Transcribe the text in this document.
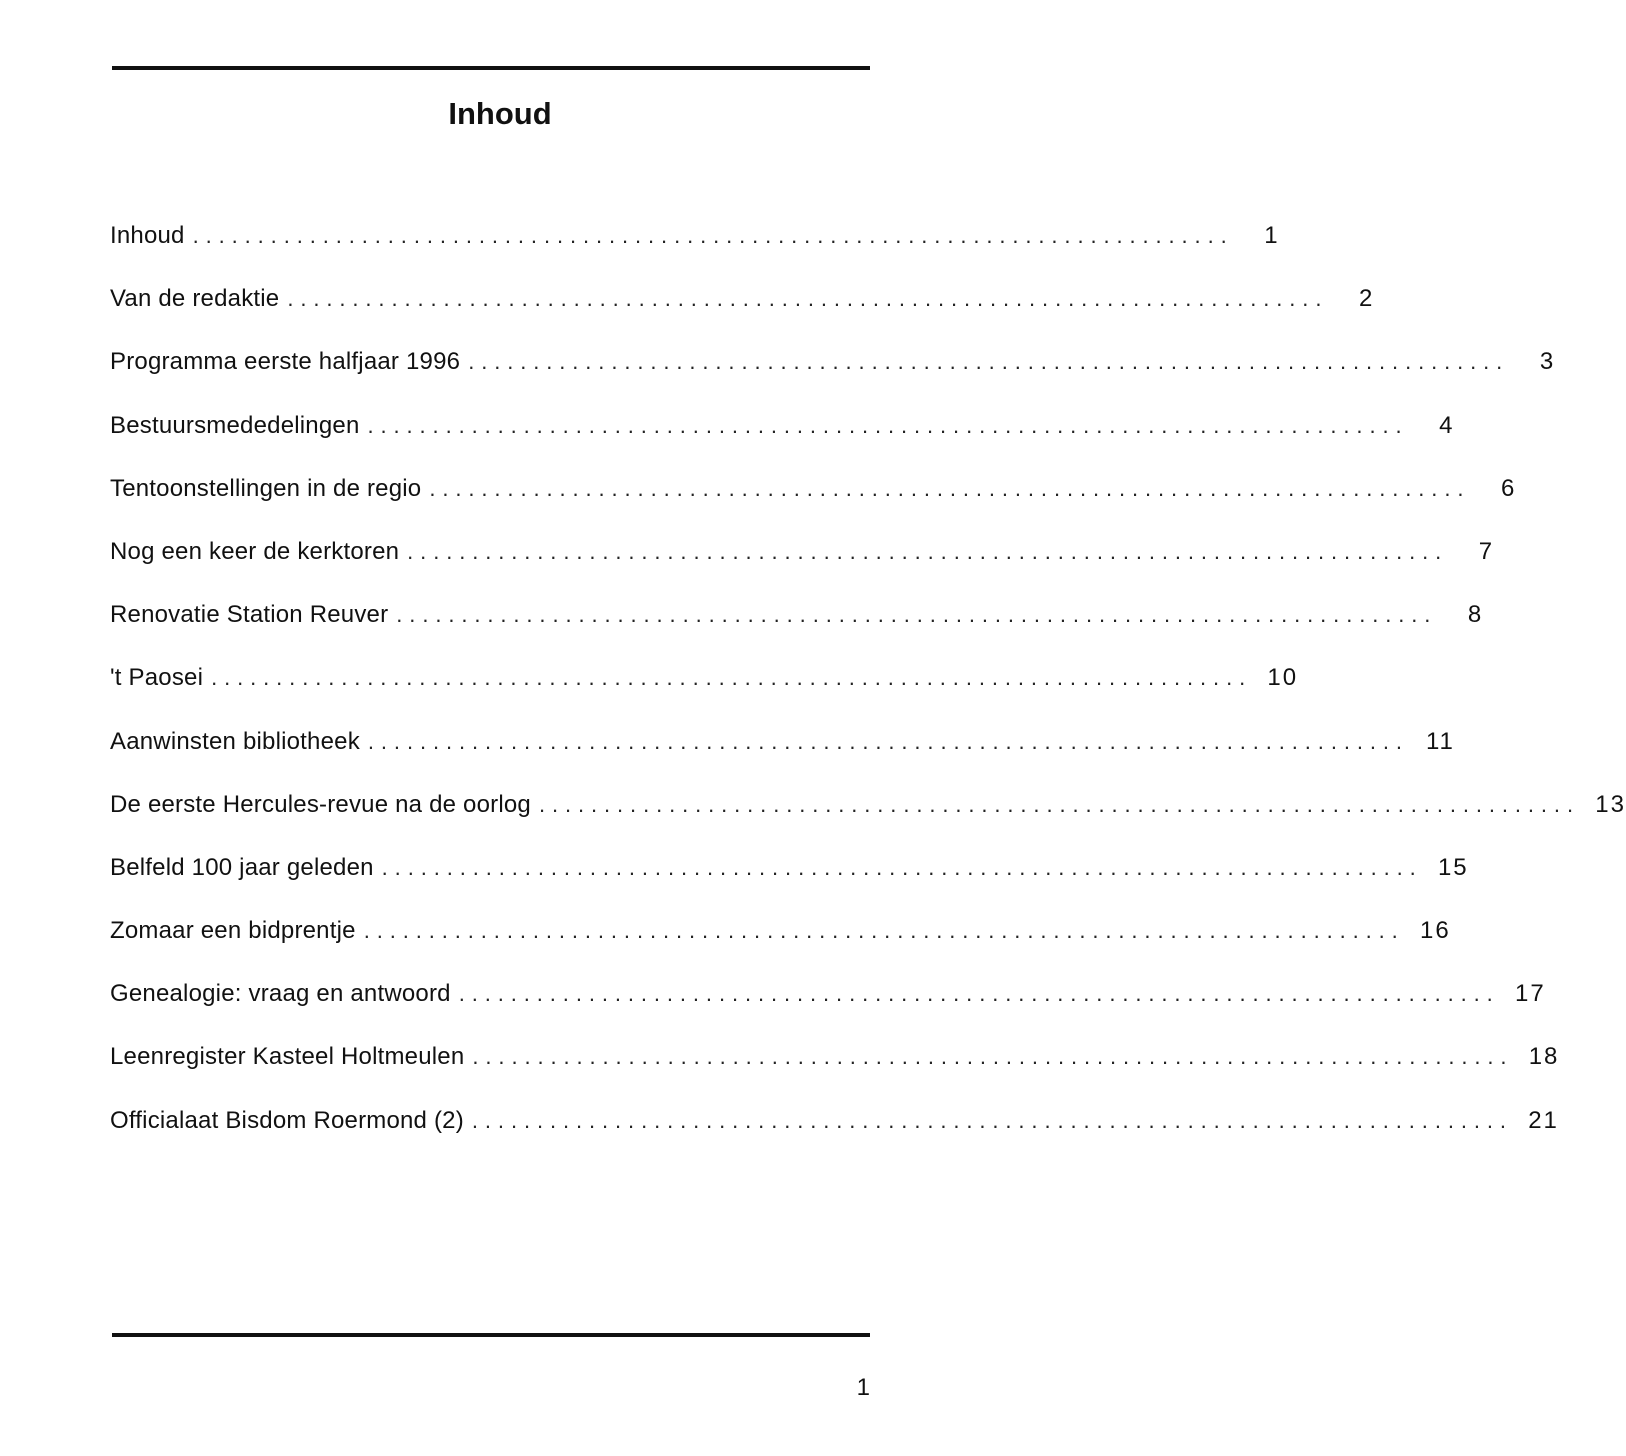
Inhoud
Inhoud ................................................................................	1
Van de redaktie ................................................................................	2
Programma eerste halfjaar 1996 ................................................................................	3
Bestuursmededelingen ................................................................................	4
Tentoonstellingen in de regio ................................................................................	6
Nog een keer de kerktoren ................................................................................	7
Renovatie Station Reuver ................................................................................	8
't Paosei ................................................................................ 10
Aanwinsten bibliotheek ................................................................................ 11
De eerste Hercules-revue na de oorlog ................................................................................ 13
Belfeld 100 jaar geleden ................................................................................ 15
Zomaar een bidprentje ................................................................................ 16
Genealogie: vraag en antwoord ................................................................................ 17
Leenregister Kasteel Holtmeulen ................................................................................ 18
Officialaat Bisdom Roermond (2) ................................................................................ 21
1
